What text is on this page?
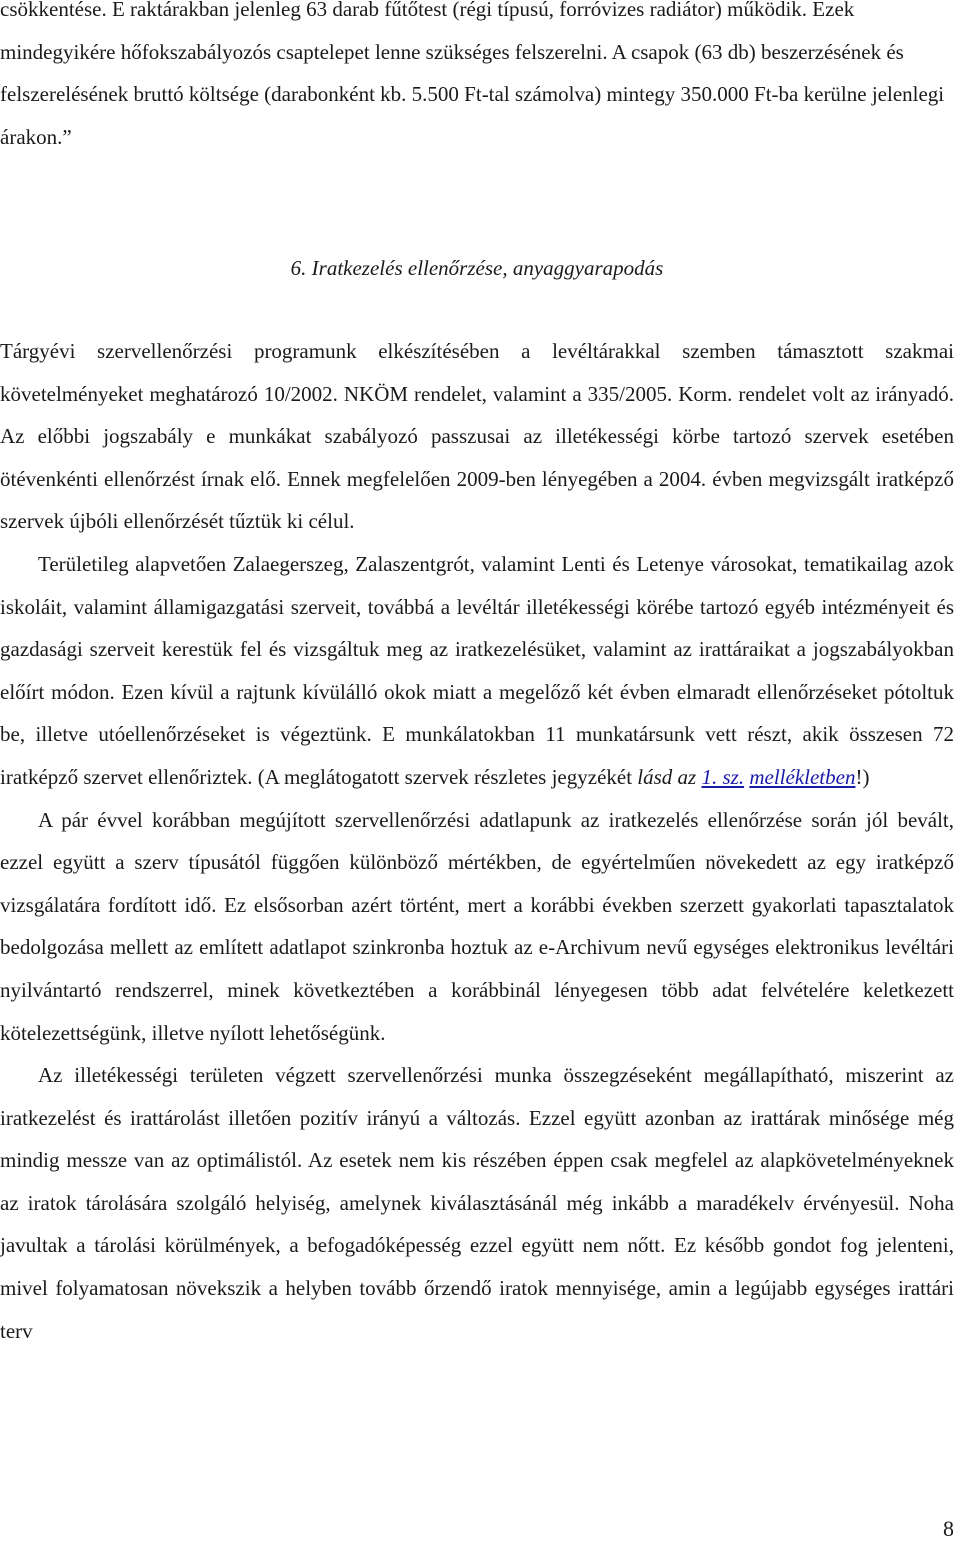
csökkentése. E raktárakban jelenleg 63 darab fűtőtest (régi típusú, forróvizes radiátor) működik. Ezek mindegyikére hőfokszabályozós csaptelepet lenne szükséges felszerelni. A csapok (63 db) beszerzésének és felszerelésének bruttó költsége (darabonként kb. 5.500 Ft-tal számolva) mintegy 350.000 Ft-ba kerülne jelenlegi árakon.”
6. Iratkezelés ellenőrzése, anyaggyarapodás

Tárgyévi szervellenőrzési programunk elkészítésében a levéltárakkal szemben támasztott szakmai követelményeket meghatározó 10/2002. NKÖM rendelet, valamint a 335/2005. Korm. rendelet volt az irányadó. Az előbbi jogszabály e munkákat szabályozó passzusai az illetékességi körbe tartozó szervek esetében ötévenkénti ellenőrzést írnak elő. Ennek megfelelően 2009-ben lényegében a 2004. évben megvizsgált iratképző szervek újbóli ellenőrzését tűztük ki célul.

Területileg alapvetően Zalaegerszeg, Zalaszentgrót, valamint Lenti és Letenye városokat, tematikailag azok iskoláit, valamint államigazgatási szerveit, továbbá a levéltár illetékességi körébe tartozó egyéb intézményeit és gazdasági szerveit kerestük fel és vizsgáltuk meg az iratkezelésüket, valamint az irattáraikat a jogszabályokban előírt módon. Ezen kívül a rajtunk kívülálló okok miatt a megelőző két évben elmaradt ellenőrzéseket pótoltuk be, illetve utóellenőrzéseket is végeztünk. E munkálatokban 11 munkatársunk vett részt, akik összesen 72 iratképző szervet ellenőriztek. (A meglátogatott szervek részletes jegyzékét lásd az 1. sz. mellékletben!)

A pár évvel korábban megújított szervellenőrzési adatlapunk az iratkezelés ellenőrzése során jól bevált, ezzel együtt a szerv típusától függően különböző mértékben, de egyértelműen növekedett az egy iratképző vizsgálatára fordított idő. Ez elsősorban azért történt, mert a korábbi években szerzett gyakorlati tapasztalatok bedolgozása mellett az említett adatlapot szinkronba hoztuk az e-Archivum nevű egységes elektronikus levéltári nyilvántartó rendszerrel, minek következtében a korábbinál lényegesen több adat felvételére keletkezett kötelezettségünk, illetve nyílott lehetőségünk.

Az illetékességi területen végzett szervellenőrzési munka összegzéseként megállapítható, miszerint az iratkezelést és irattárolást illetően pozitív irányú a változás. Ezzel együtt azonban az irattárak minősége még mindig messze van az optimálistól. Az esetek nem kis részében éppen csak megfelel az alapkövetelményeknek az iratok tárolására szolgáló helyiség, amelynek kiválasztásánál még inkább a maradékelv érvényesül. Noha javultak a tárolási körülmények, a befogadóképesség ezzel együtt nem nőtt. Ez később gondot fog jelenteni, mivel folyamatosan növekszik a helyben tovább őrzendő iratok mennyisége, amin a legújabb egységes irattári terv

8
